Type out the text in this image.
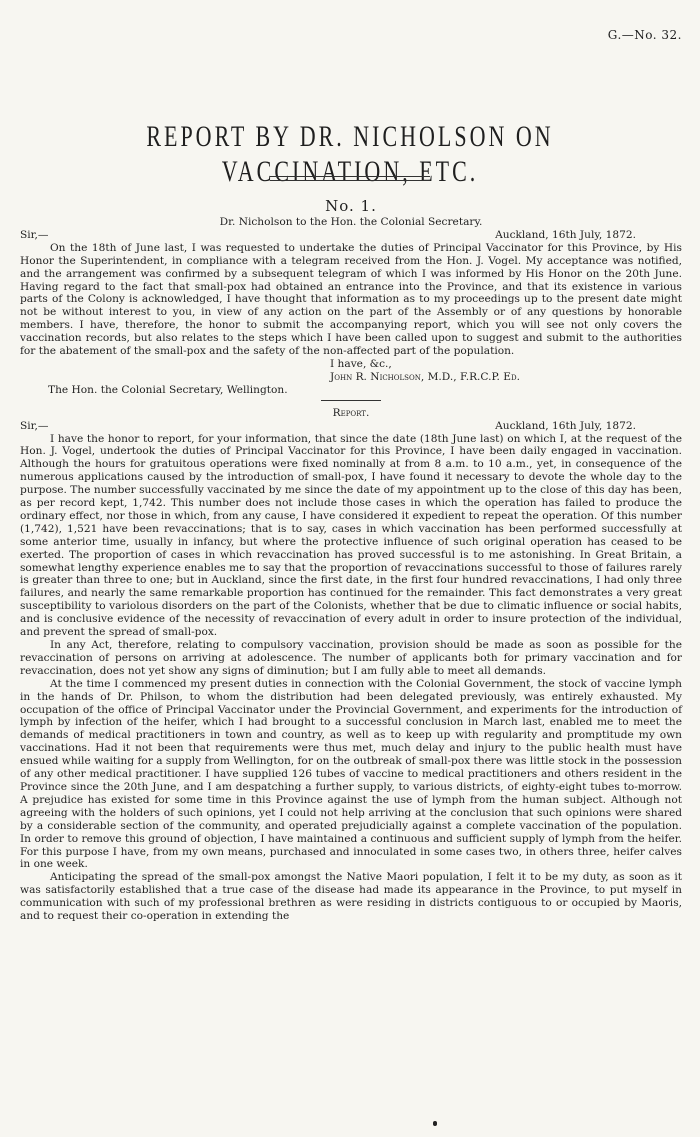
G.—No. 32.
REPORT BY DR. NICHOLSON ON VACCINATION, ETC.
No. 1.
Dr. Nicholson to the Hon. the Colonial Secretary.
Sir,—	Auckland, 16th July, 1872.

On the 18th of June last, I was requested to undertake the duties of Principal Vaccinator for this Province, by His Honor the Superintendent, in compliance with a telegram received from the Hon. J. Vogel. My acceptance was notified, and the arrangement was confirmed by a subsequent telegram of which I was informed by His Honor on the 20th June. Having regard to the fact that small-pox had obtained an entrance into the Province, and that its existence in various parts of the Colony is acknowledged, I have thought that information as to my proceedings up to the present date might not be without interest to you, in view of any action on the part of the Assembly or of any questions by honorable members. I have, therefore, the honor to submit the accompanying report, which you will see not only covers the vaccination records, but also relates to the steps which I have been called upon to suggest and submit to the authorities for the abatement of the small-pox and the safety of the non-affected part of the population.

I have, &c.,
John R. Nicholson, M.D., F.R.C.P. Ed.
The Hon. the Colonial Secretary, Wellington.
Report.
Sir,—	Auckland, 16th July, 1872.

I have the honor to report, for your information, that since the date (18th June last) on which I, at the request of the Hon. J. Vogel, undertook the duties of Principal Vaccinator for this Province, I have been daily engaged in vaccination. Although the hours for gratuitous operations were fixed nominally at from 8 a.m. to 10 a.m., yet, in consequence of the numerous applications caused by the introduction of small-pox, I have found it necessary to devote the whole day to the purpose. The number successfully vaccinated by me since the date of my appointment up to the close of this day has been, as per record kept, 1,742. This number does not include those cases in which the operation has failed to produce the ordinary effect, nor those in which, from any cause, I have considered it expedient to repeat the operation. Of this number (1,742), 1,521 have been revaccinations; that is to say, cases in which vaccination has been performed successfully at some anterior time, usually in infancy, but where the protective influence of such original operation has ceased to be exerted. The proportion of cases in which revaccination has proved successful is to me astonishing. In Great Britain, a somewhat lengthy experience enables me to say that the proportion of revaccinations successful to those of failures rarely is greater than three to one; but in Auckland, since the first date, in the first four hundred revaccinations, I had only three failures, and nearly the same remarkable proportion has continued for the remainder. This fact demonstrates a very great susceptibility to variolous disorders on the part of the Colonists, whether that be due to climatic influence or social habits, and is conclusive evidence of the necessity of revaccination of every adult in order to insure protection of the individual, and prevent the spread of small-pox.

In any Act, therefore, relating to compulsory vaccination, provision should be made as soon as possible for the revaccination of persons on arriving at adolescence. The number of applicants both for primary vaccination and for revaccination, does not yet show any signs of diminution; but I am fully able to meet all demands.

At the time I commenced my present duties in connection with the Colonial Government, the stock of vaccine lymph in the hands of Dr. Philson, to whom the distribution had been delegated previously, was entirely exhausted. My occupation of the office of Principal Vaccinator under the Provincial Government, and experiments for the introduction of lymph by infection of the heifer, which I had brought to a successful conclusion in March last, enabled me to meet the demands of medical practitioners in town and country, as well as to keep up with regularity and promptitude my own vaccinations. Had it not been that requirements were thus met, much delay and injury to the public health must have ensued while waiting for a supply from Wellington, for on the outbreak of small-pox there was little stock in the possession of any other medical practitioner. I have supplied 126 tubes of vaccine to medical practitioners and others resident in the Province since the 20th June, and I am despatching a further supply, to various districts, of eighty-eight tubes to-morrow. A prejudice has existed for some time in this Province against the use of lymph from the human subject. Although not agreeing with the holders of such opinions, yet I could not help arriving at the conclusion that such opinions were shared by a considerable section of the community, and operated prejudicially against a complete vaccination of the population. In order to remove this ground of objection, I have maintained a continuous and sufficient supply of lymph from the heifer. For this purpose I have, from my own means, purchased and innoculated in some cases two, in others three, heifer calves in one week.

Anticipating the spread of the small-pox amongst the Native Maori population, I felt it to be my duty, as soon as it was satisfactorily established that a true case of the disease had made its appearance in the Province, to put myself in communication with such of my professional brethren as were residing in districts contiguous to or occupied by Maoris, and to request their co-operation in extending the
